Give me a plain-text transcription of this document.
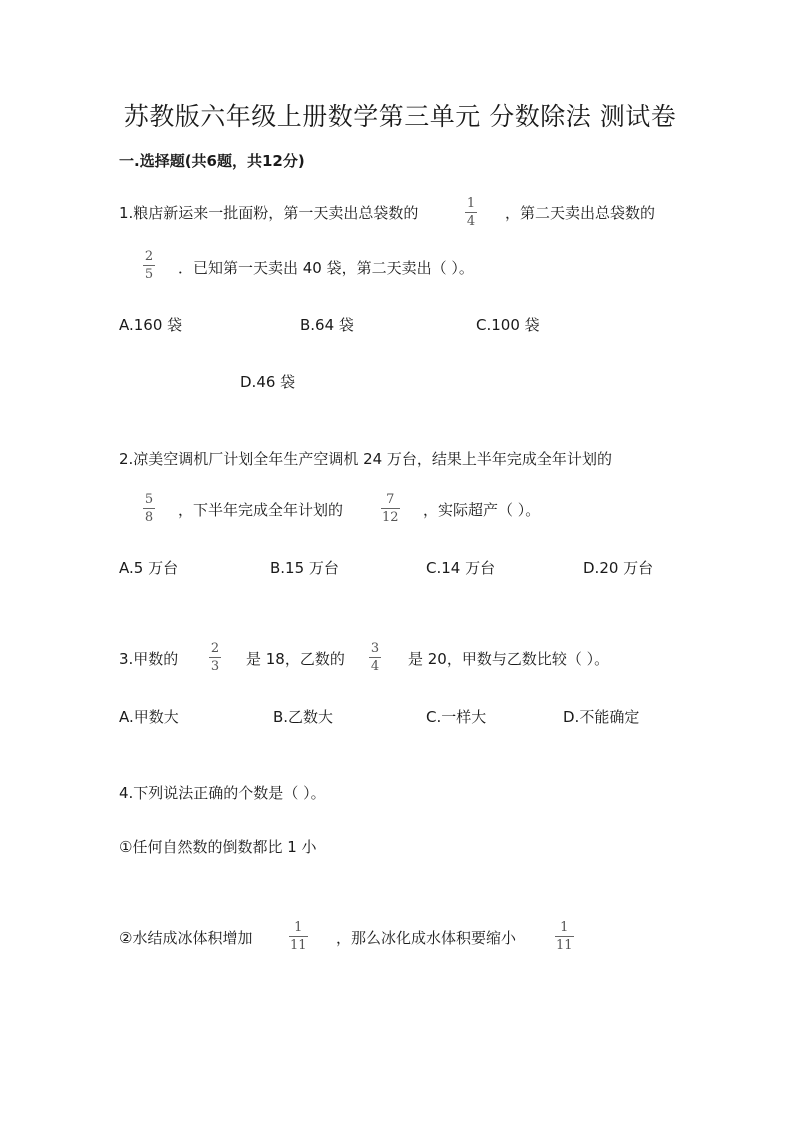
苏教版六年级上册数学第三单元 分数除法 测试卷
一.选择题(共6题，共12分)
1.粮店新运来一批面粉，第一天卖出总袋数的
1
4 ，第二天卖出总袋数的
2
5 ．已知第一天卖出 40 袋，第二天卖出（ ）。
A.160 袋	B.64 袋	C.100 袋
D.46 袋
2.凉美空调机厂计划全年生产空调机 24 万台，结果上半年完成全年计划的
5
8 ，下半年完成全年计划的
7
12 ，实际超产（ ）。
A.5 万台	B.15 万台	C.14 万台	D.20 万台
3.甲数的
2
3 是 18，乙数的
3
4 是 20，甲数与乙数比较（ ）。
A.甲数大	B.乙数大	C.一样大	D.不能确定
4.下列说法正确的个数是（ ）。
①任何自然数的倒数都比 1 小
②水结成冰体积增加
1
11 ，那么冰化成水体积要缩小
1
11
